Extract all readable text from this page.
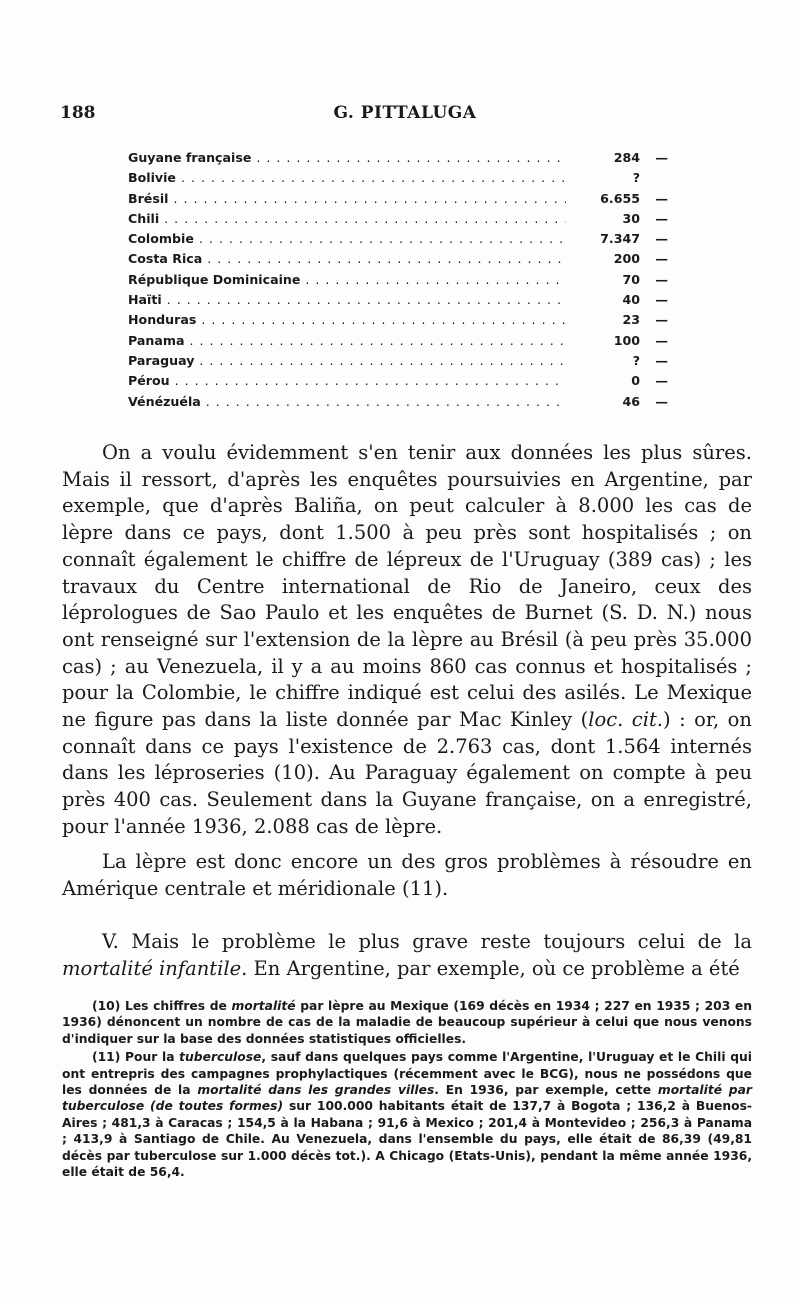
188	G. PITTALUGA
Guyane française . . .	284 —
Bolivie . . .	?
Brésil . . .	6.655 —
Chili . . .	30 —
Colombie . . .	7.347 —
Costa Rica . . .	200 —
République Dominicaine . . .	70 —
Haïti . . .	40 —
Honduras . . .	23 —
Panama . . .	100 —
Paraguay . . .	? —
Pérou . . .	0 —
Vénézuéla . . .	46 —

On a voulu évidemment s'en tenir aux données les plus sûres. Mais il ressort, d'après les enquêtes poursuivies en Argentine, par exemple, que d'après Baliña, on peut calculer à 8.000 les cas de lèpre dans ce pays, dont 1.500 à peu près sont hospitalisés ; on connaît également le chiffre de lépreux de l'Uruguay (389 cas) ; les travaux du Centre international de Rio de Janeiro, ceux des léprologues de Sao Paulo et les enquêtes de Burnet (S. D. N.) nous ont renseigné sur l'extension de la lèpre au Brésil (à peu près 35.000 cas) ; au Venezuela, il y a au moins 860 cas connus et hospitalisés ; pour la Colombie, le chiffre indiqué est celui des asilés. Le Mexique ne figure pas dans la liste donnée par Mac Kinley (loc. cit.) : or, on connaît dans ce pays l'existence de 2.763 cas, dont 1.564 internés dans les léproseries (10). Au Paraguay également on compte à peu près 400 cas. Seulement dans la Guyane française, on a enregistré, pour l'année 1936, 2.088 cas de lèpre.

La lèpre est donc encore un des gros problèmes à résoudre en Amérique centrale et méridionale (11).

V. Mais le problème le plus grave reste toujours celui de la mortalité infantile. En Argentine, par exemple, où ce problème a été

(10) Les chiffres de mortalité par lèpre au Mexique (169 décès en 1934 ; 227 en 1935 ; 203 en 1936) dénoncent un nombre de cas de la maladie de beaucoup supérieur à celui que nous venons d'indiquer sur la base des données statistiques officielles.

(11) Pour la tuberculose, sauf dans quelques pays comme l'Argentine, l'Uruguay et le Chili qui ont entrepris des campagnes prophylactiques (récemment avec le BCG), nous ne possédons que les données de la mortalité dans les grandes villes. En 1936, par exemple, cette mortalité par tuberculose (de toutes formes) sur 100.000 habitants était de 137,7 à Bogota ; 136,2 à Buenos-Aires ; 481,3 à Caracas ; 154,5 à la Habana ; 91,6 à Mexico ; 201,4 à Montevideo ; 256,3 à Panama ; 413,9 à Santiago de Chile. Au Venezuela, dans l'ensemble du pays, elle était de 86,39 (49,81 décès par tuberculose sur 1.000 décès tot.). A Chicago (Etats-Unis), pendant la même année 1936, elle était de 56,4.
